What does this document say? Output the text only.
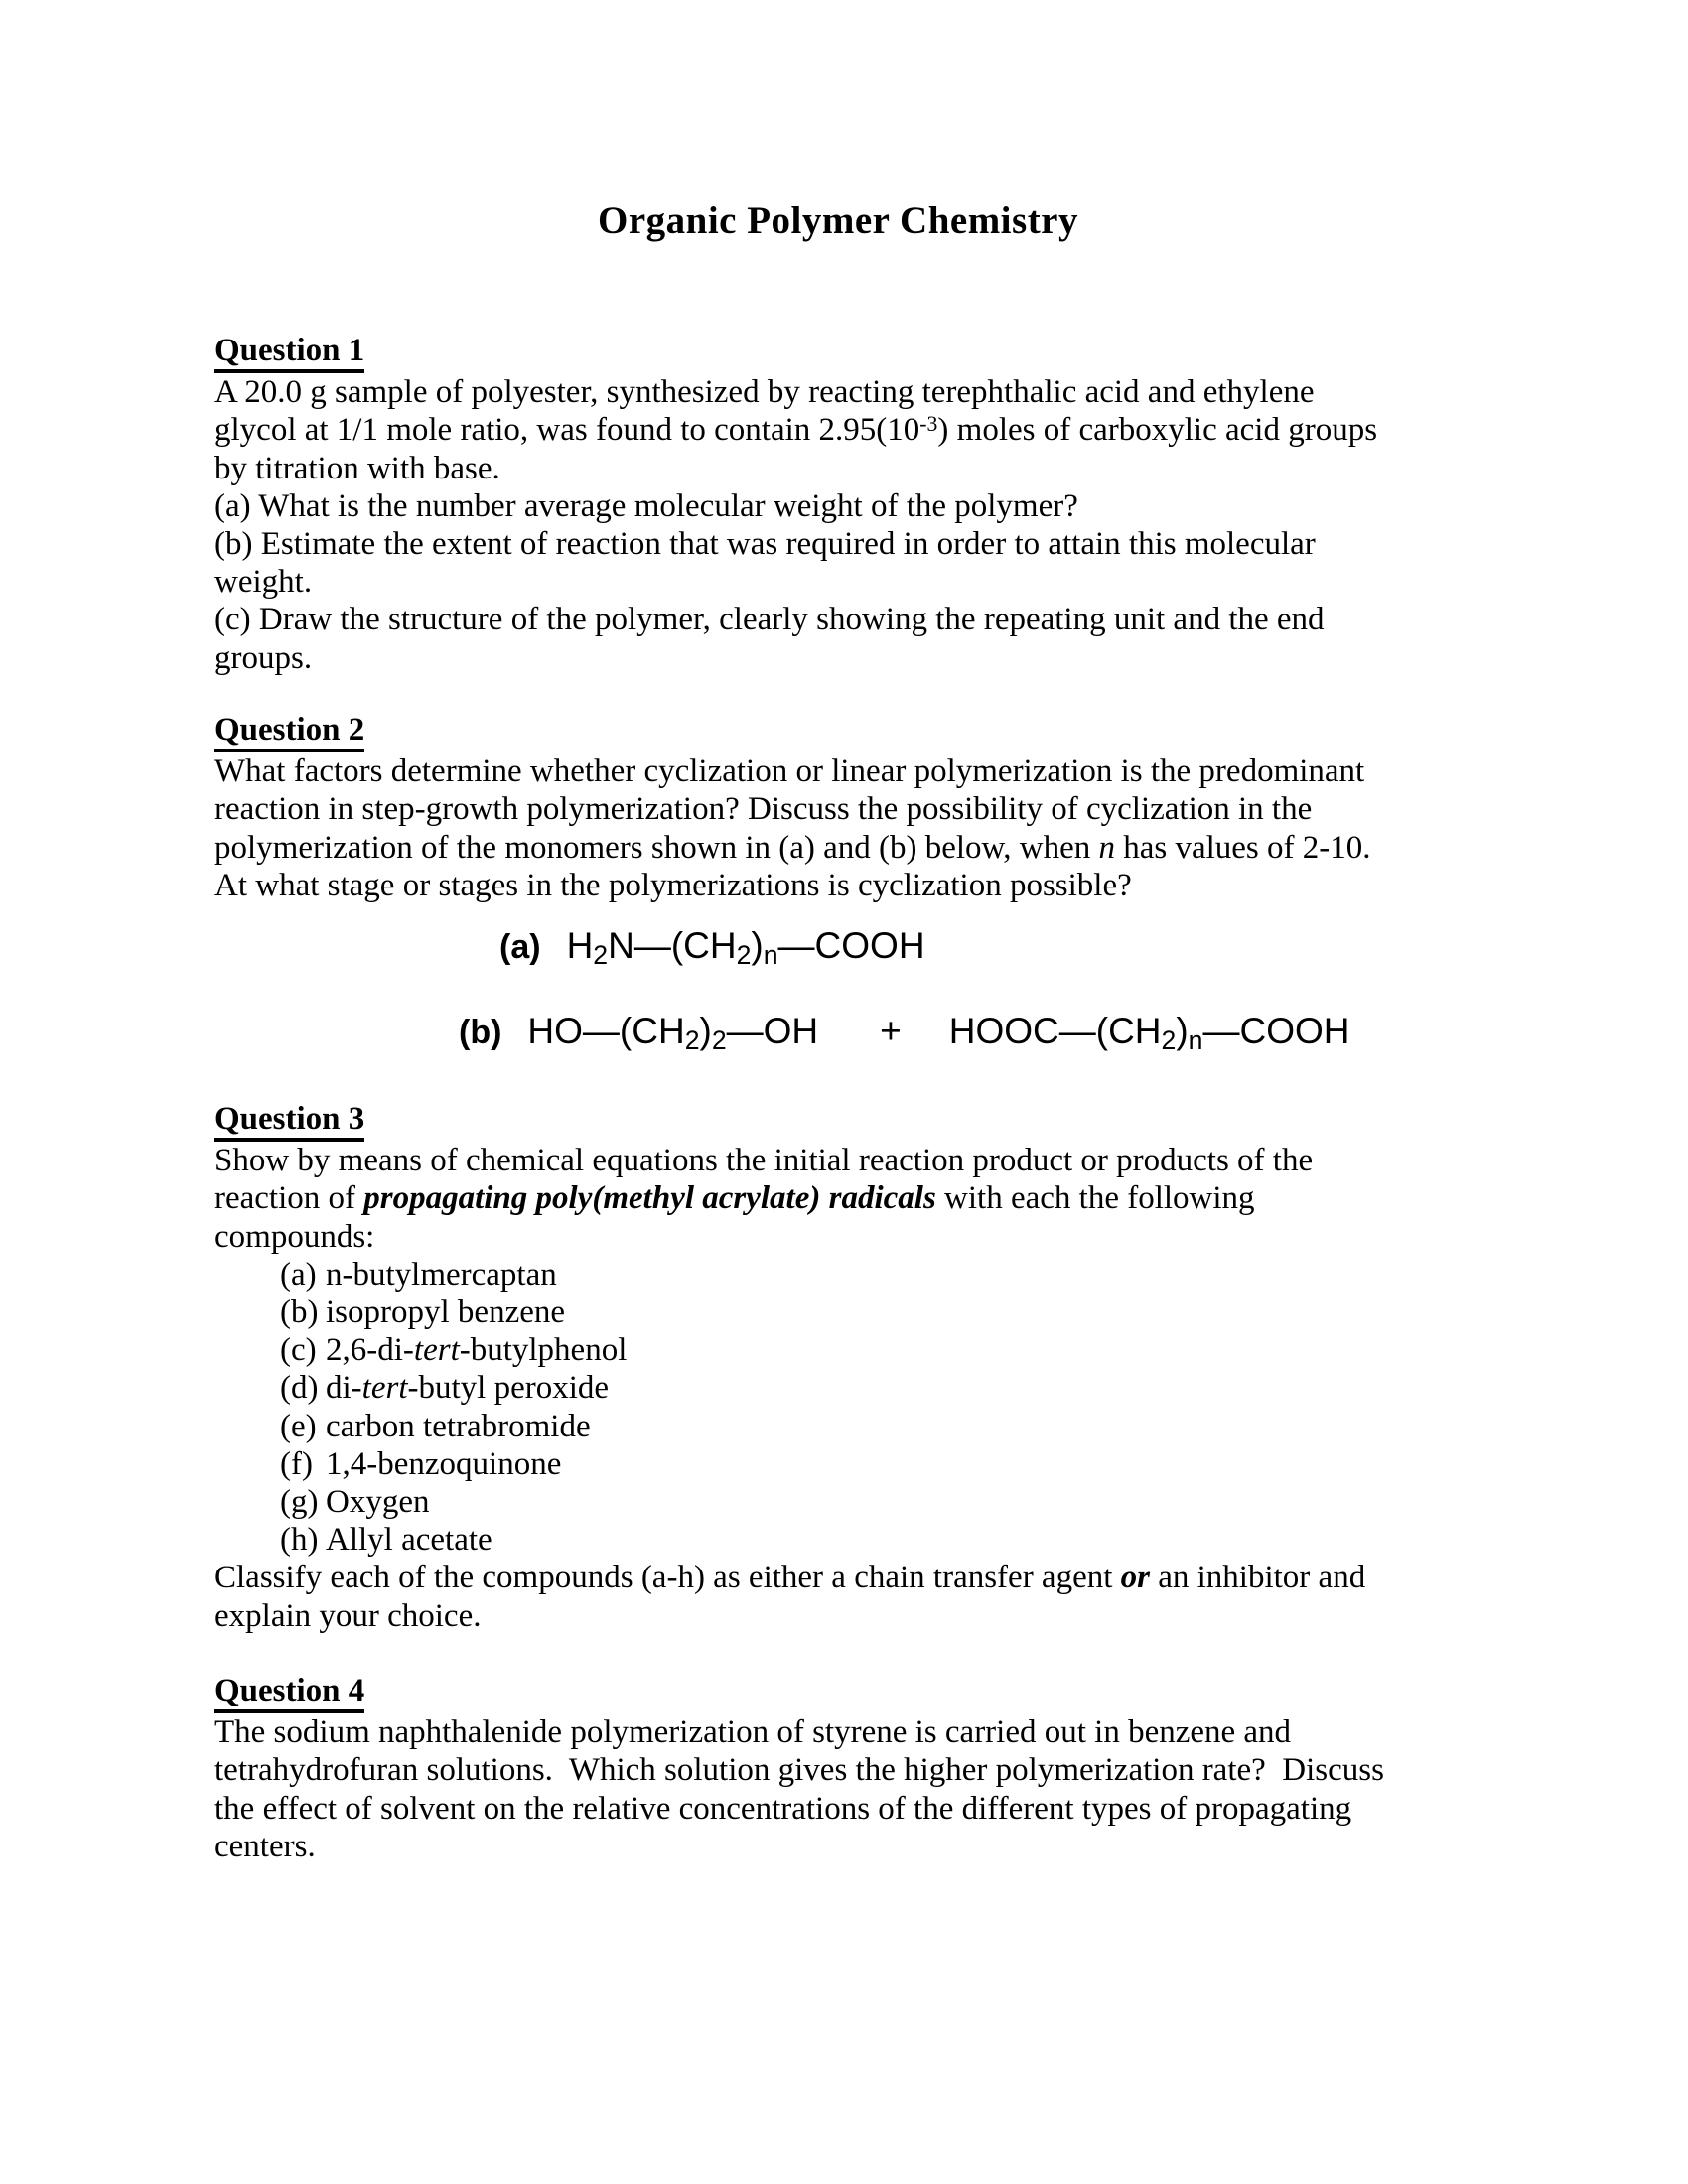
Organic Polymer Chemistry
Question 1
A 20.0 g sample of polyester, synthesized by reacting terephthalic acid and ethylene
glycol at 1/1 mole ratio, was found to contain $2.95(10^{-3})$ moles of carboxylic acid groups
by titration with base.
(a) What is the number average molecular weight of the polymer?
(b) Estimate the extent of reaction that was required in order to attain this molecular
weight.
(c) Draw the structure of the polymer, clearly showing the repeating unit and the end
groups.
Question 2
What factors determine whether cyclization or linear polymerization is the predominant
reaction in step-growth polymerization? Discuss the possibility of cyclization in the
polymerization of the monomers shown in (a) and (b) below, when n has values of 2-10.
At what stage or stages in the polymerizations is cyclization possible?
(a) $H_2N—(CH_2)_n—COOH$
(b) $HO—(CH_2)_2—OH$ + $HOOC—(CH_2)_n—COOH$
Question 3
Show by means of chemical equations the initial reaction product or products of the
reaction of propagating poly(methyl acrylate) radicals with each the following
compounds:
(a) n-butylmercaptan
(b) isopropyl benzene
(c) 2,6-di-tert-butylphenol
(d) di-tert-butyl peroxide
(e) carbon tetrabromide
(f) 1,4-benzoquinone
(g) Oxygen
(h) Allyl acetate
Classify each of the compounds (a-h) as either a chain transfer agent or an inhibitor and
explain your choice.
Question 4
The sodium naphthalenide polymerization of styrene is carried out in benzene and
tetrahydrofuran solutions.  Which solution gives the higher polymerization rate?  Discuss
the effect of solvent on the relative concentrations of the different types of propagating
centers.
